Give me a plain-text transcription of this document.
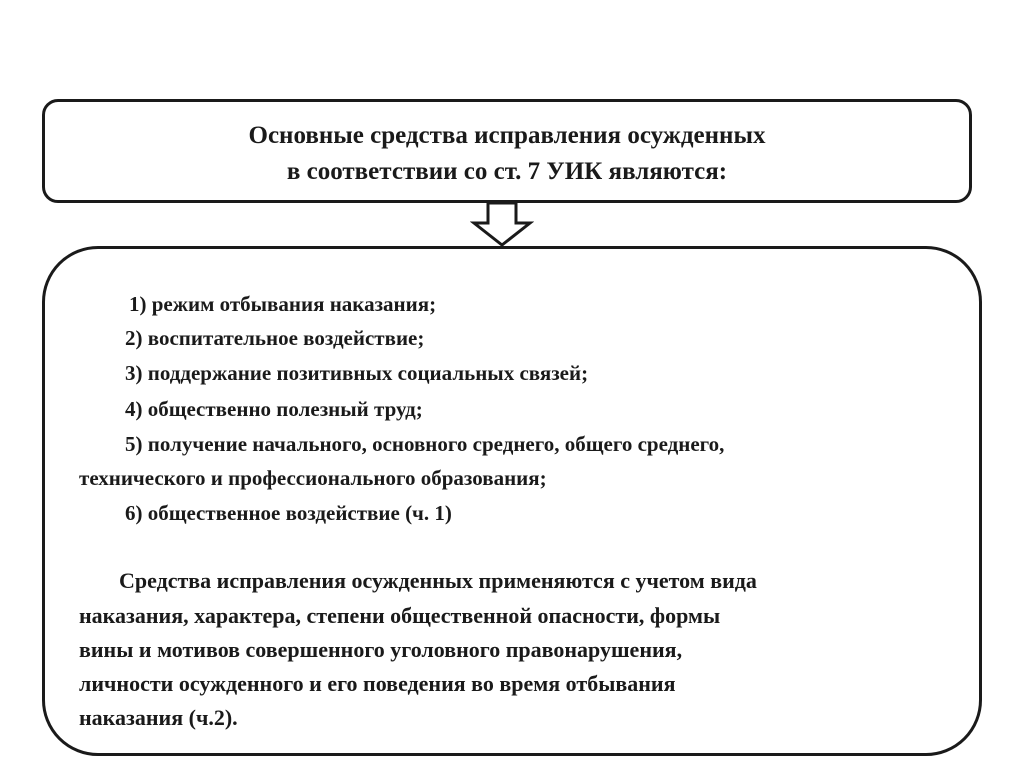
Основные средства исправления осужденных
в соответствии со ст. 7 УИК являются:
1) режим отбывания наказания;
2) воспитательное воздействие;
3) поддержание позитивных социальных связей;
4) общественно полезный труд;
5) получение начального, основного среднего, общего среднего,
технического и профессионального образования;
6) общественное воздействие (ч. 1)
Средства исправления осужденных применяются с учетом вида
наказания, характера, степени общественной опасности, формы
вины и мотивов совершенного уголовного правонарушения,
личности осужденного и его поведения во время отбывания
наказания (ч.2).
